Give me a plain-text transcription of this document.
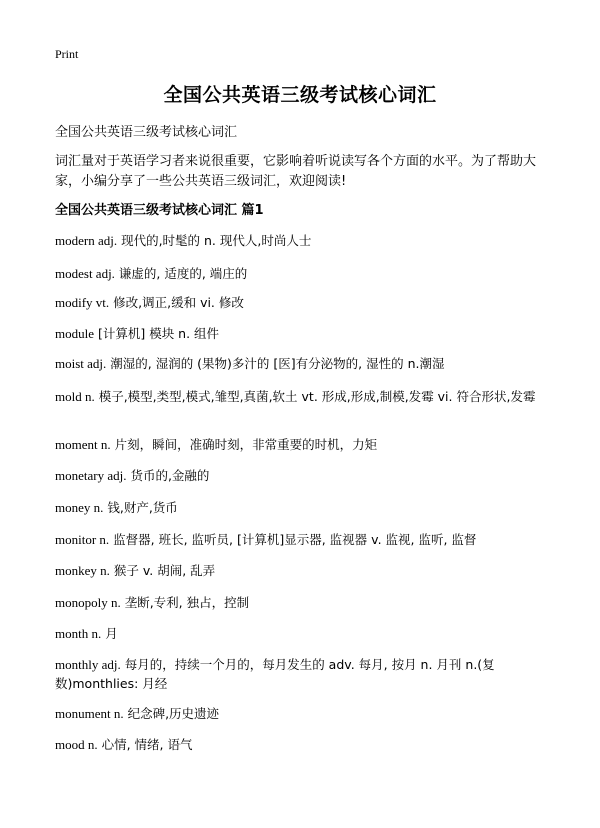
Print
全国公共英语三级考试核心词汇
全国公共英语三级考试核心词汇
词汇量对于英语学习者来说很重要，它影响着听说读写各个方面的水平。为了帮助大家，小编分享了一些公共英语三级词汇，欢迎阅读!
全国公共英语三级考试核心词汇 篇1
modern adj. 现代的,时髦的 n. 现代人,时尚人士
modest adj. 谦虚的, 适度的, 端庄的
modify vt. 修改,调正,缓和 vi. 修改
module [计算机] 模块 n. 组件
moist adj. 潮湿的, 湿润的 (果物)多汁的 [医]有分泌物的, 湿性的 n.潮湿
mold n. 模子,模型,类型,模式,雏型,真菌,软土 vt. 形成,形成,制模,发霉 vi. 符合形状,发霉
moment n. 片刻，瞬间，准确时刻，非常重要的时机，力矩
monetary adj. 货币的,金融的
money n. 钱,财产,货币
monitor n. 监督器, 班长, 监听员, [计算机]显示器, 监视器 v. 监视, 监听, 监督
monkey n. 猴子 v. 胡闹, 乱弄
monopoly n. 垄断,专利, 独占，控制
month n. 月
monthly adj. 每月的，持续一个月的，每月发生的 adv. 每月, 按月 n. 月刊 n.(复数)monthlies: 月经
monument n. 纪念碑,历史遗迹
mood n. 心情, 情绪, 语气
